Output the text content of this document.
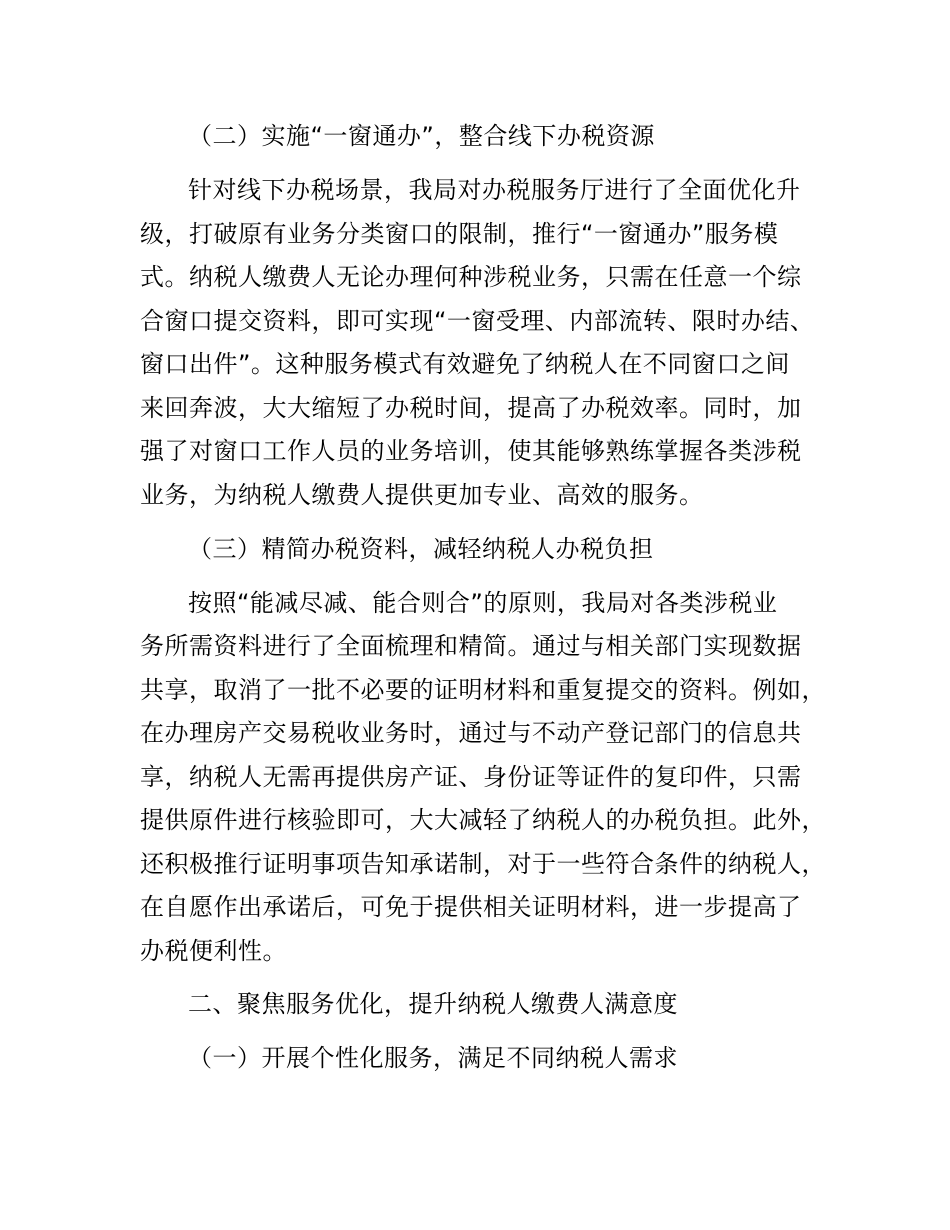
（二）实施“一窗通办”，整合线下办税资源
针对线下办税场景，我局对办税服务厅进行了全面优化升
级，打破原有业务分类窗口的限制，推行“一窗通办”服务模
式。纳税人缴费人无论办理何种涉税业务，只需在任意一个综
合窗口提交资料，即可实现“一窗受理、内部流转、限时办结、
窗口出件”。这种服务模式有效避免了纳税人在不同窗口之间
来回奔波，大大缩短了办税时间，提高了办税效率。同时，加
强了对窗口工作人员的业务培训，使其能够熟练掌握各类涉税
业务，为纳税人缴费人提供更加专业、高效的服务。
（三）精简办税资料，减轻纳税人办税负担
按照“能减尽减、能合则合”的原则，我局对各类涉税业
务所需资料进行了全面梳理和精简。通过与相关部门实现数据
共享，取消了一批不必要的证明材料和重复提交的资料。例如，
在办理房产交易税收业务时，通过与不动产登记部门的信息共
享，纳税人无需再提供房产证、身份证等证件的复印件，只需
提供原件进行核验即可，大大减轻了纳税人的办税负担。此外，
还积极推行证明事项告知承诺制，对于一些符合条件的纳税人，
在自愿作出承诺后，可免于提供相关证明材料，进一步提高了
办税便利性。
二、聚焦服务优化，提升纳税人缴费人满意度
（一）开展个性化服务，满足不同纳税人需求
